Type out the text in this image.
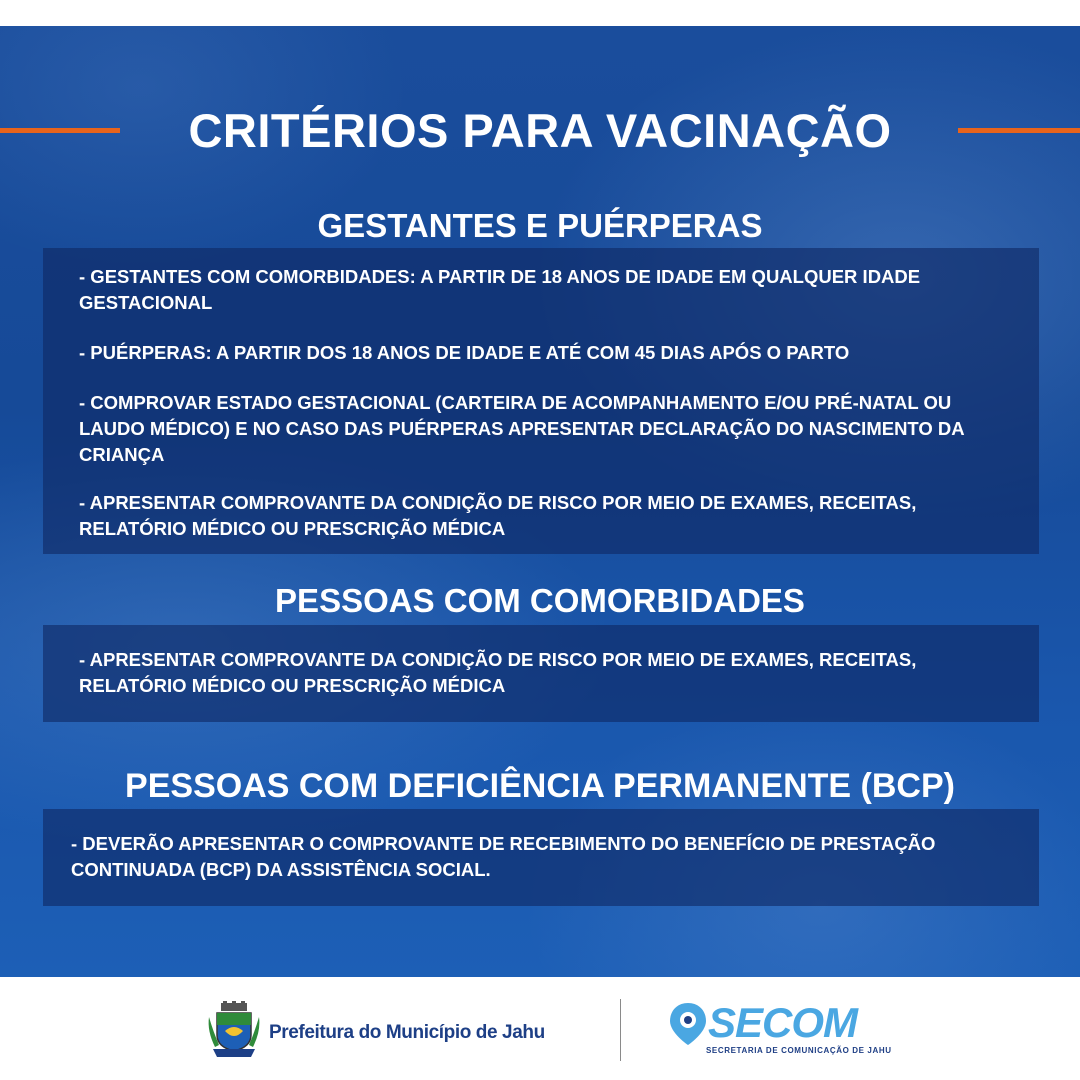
CRITÉRIOS PARA VACINAÇÃO
GESTANTES E PUÉRPERAS
- GESTANTES COM COMORBIDADES: A PARTIR DE 18 ANOS DE IDADE EM QUALQUER IDADE GESTACIONAL
- PUÉRPERAS: A PARTIR DOS 18 ANOS DE IDADE E ATÉ COM 45 DIAS APÓS O PARTO
- COMPROVAR ESTADO GESTACIONAL (CARTEIRA DE ACOMPANHAMENTO E/OU PRÉ-NATAL OU LAUDO MÉDICO) E NO CASO DAS PUÉRPERAS APRESENTAR DECLARAÇÃO DO NASCIMENTO DA CRIANÇA
- APRESENTAR COMPROVANTE DA CONDIÇÃO DE RISCO POR MEIO DE EXAMES, RECEITAS, RELATÓRIO MÉDICO OU PRESCRIÇÃO MÉDICA
PESSOAS COM COMORBIDADES
- APRESENTAR COMPROVANTE DA CONDIÇÃO DE RISCO POR MEIO DE EXAMES, RECEITAS, RELATÓRIO MÉDICO OU PRESCRIÇÃO MÉDICA
PESSOAS COM DEFICIÊNCIA PERMANENTE (BCP)
- DEVERÃO APRESENTAR O COMPROVANTE DE RECEBIMENTO DO BENEFÍCIO DE PRESTAÇÃO CONTINUADA (BCP) DA ASSISTÊNCIA SOCIAL.
Prefeitura do Município de Jahu	SECOM
SECRETARIA DE COMUNICAÇÃO DE JAHU
